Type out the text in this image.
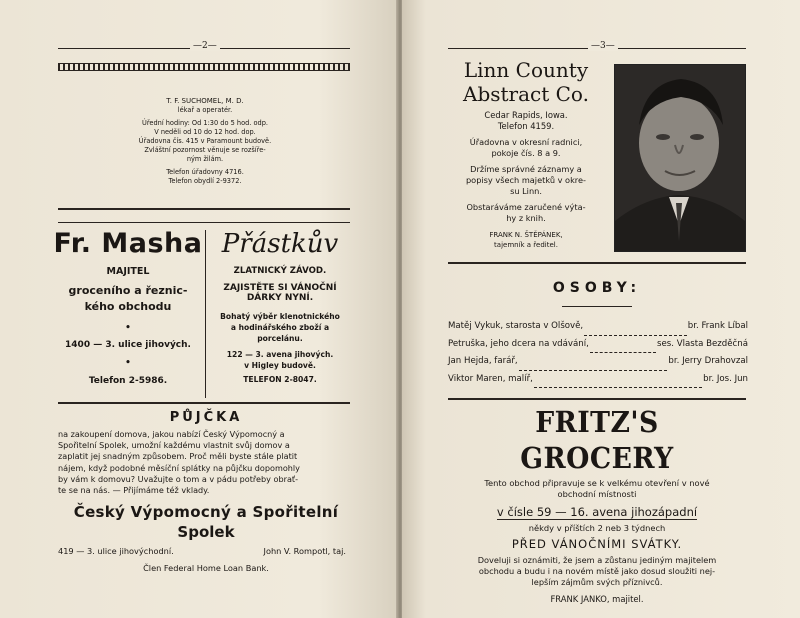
—2—
T. F. SUCHOMEL, M. D.
lékař a operatér.
Úřední hodiny: Od 1:30 do 5 hod. odp.
V neděli od 10 do 12 hod. dop.
Úřadovna čís. 415 v Paramount budově.
Zvláštní pozornost věnuje se rozšíře-
ným žilám.
Telefon úřadovny 4716.
Telefon obydlí 2-9372.
Fr. Masha
MAJITEL
groceního a řeznic-
kého obchodu
•
1400 — 3. ulice jihových.
•
Telefon 2-5986.
Přástkův
ZLATNICKÝ ZÁVOD.
ZAJISTĚTE SI VÁNOČNÍ
DÁRKY NYNÍ.
Bohatý výběr klenotnického
a hodinářského zboží a
porcelánu.
122 — 3. avena jihových.
v Higley budově.
TELEFON 2-8047.
PŮJČKA
na zakoupení domova, jakou nabízí Český Výpomocný a
Spořitelní Spolek, umožní každému vlastnit svůj domov a
zaplatit jej snadným způsobem. Proč měli byste stále platit
nájem, když podobné měsíční splátky na půjčku dopomohly
by vám k domovu? Uvažujte o tom a v pádu potřeby obrať-
te se na nás. — Přijímáme též vklady.
Český Výpomocný a Spořitelní
Spolek
419 — 3. ulice jihovýchodní.	John V. Rompotl, taj.
Člen Federal Home Loan Bank.
—3—
Linn County
Abstract Co.
Cedar Rapids, Iowa.
Telefon 4159.
Úřadovna v okresní radnici,
pokoje čís. 8 a 9.
Držíme správné záznamy a
popisy všech majetků v okre-
su Linn.
Obstaráváme zaručené výta-
hy z knih.
FRANK N. ŠTĚPÁNEK,
tajemník a ředitel.
OSOBY:
Matěj Vykuk, starosta v Olšově,	br. Frank Líbal
Petruška, jeho dcera na vdávání,	ses. Vlasta Bezděčná
Jan Hejda, farář,	br. Jerry Drahovzal
Viktor Maren, malíř,	br. Jos. Jun
FRITZ'S GROCERY
Tento obchod připravuje se k velkému otevření v nové
obchodní místnosti
v čísle 59 — 16. avena jihozápadní
někdy v příštích 2 neb 3 týdnech
PŘED VÁNOČNÍMI SVÁTKY.
Doveluji si oznámiti, že jsem a zůstanu jediným majitelem
obchodu a budu i na novém místě jako dosud sloužiti nej-
lepším zájmům svých příznivců.
FRANK JANKO, majitel.
